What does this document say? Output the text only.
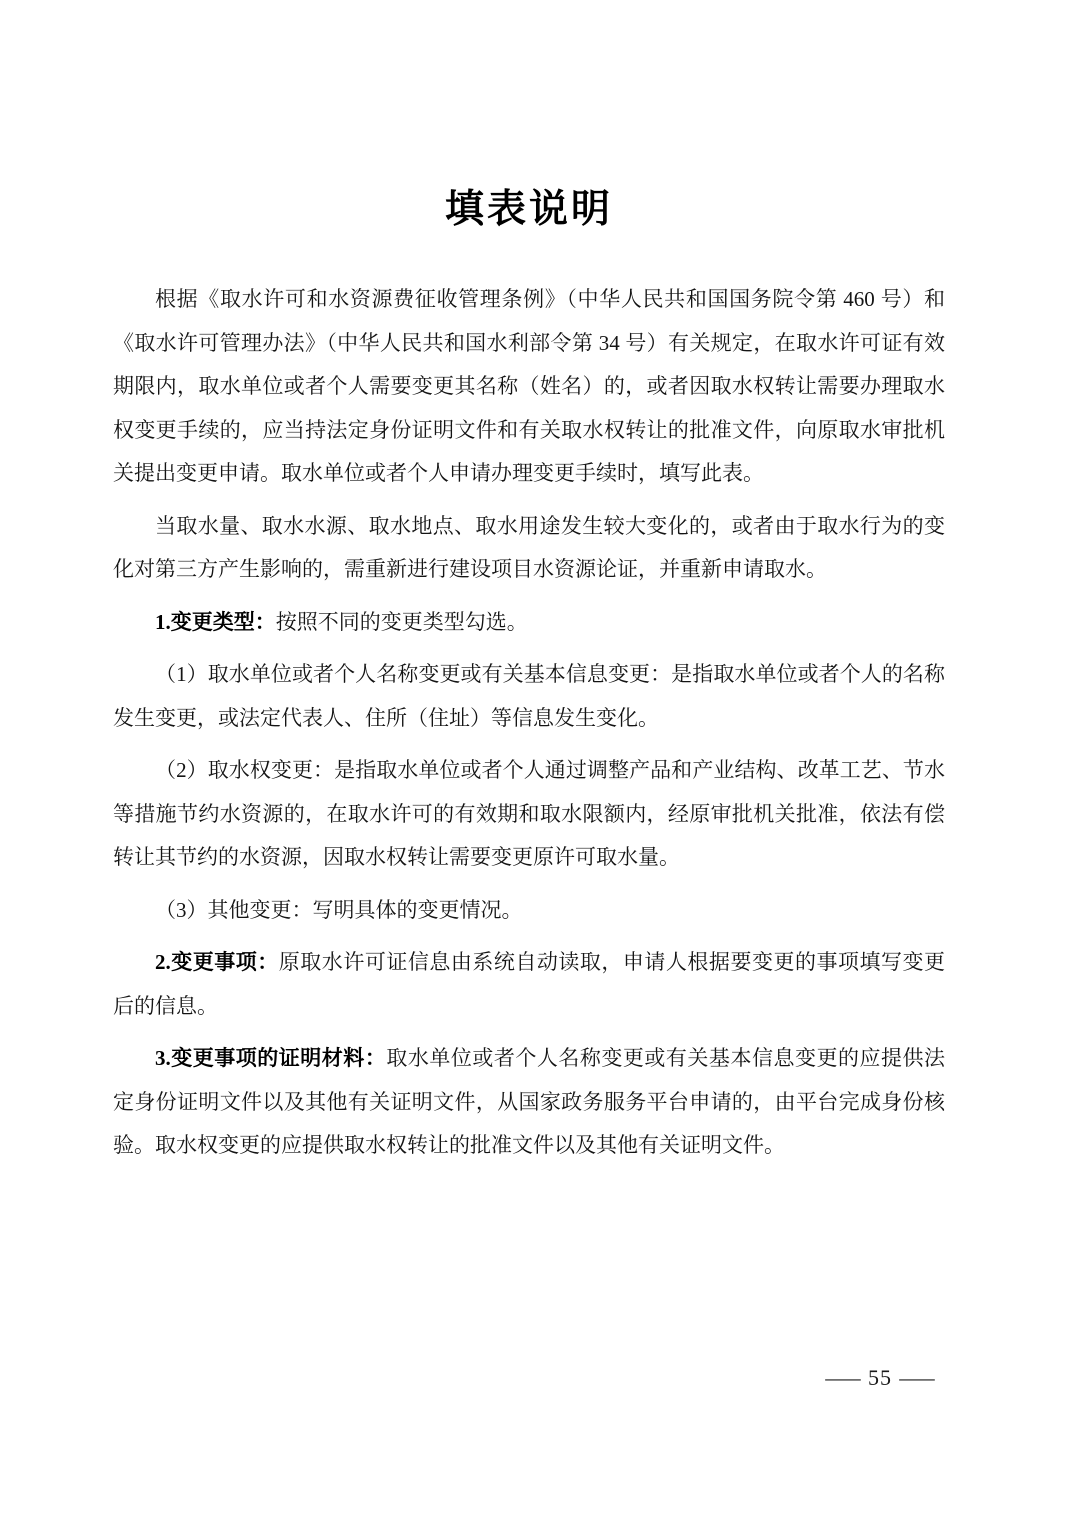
填表说明

根据《取水许可和水资源费征收管理条例》（中华人民共和国国务院令第 460 号）和《取水许可管理办法》（中华人民共和国水利部令第 34 号）有关规定，在取水许可证有效期限内，取水单位或者个人需要变更其名称（姓名）的，或者因取水权转让需要办理取水权变更手续的，应当持法定身份证明文件和有关取水权转让的批准文件，向原取水审批机关提出变更申请。取水单位或者个人申请办理变更手续时，填写此表。

当取水量、取水水源、取水地点、取水用途发生较大变化的，或者由于取水行为的变化对第三方产生影响的，需重新进行建设项目水资源论证，并重新申请取水。

1.变更类型：按照不同的变更类型勾选。

（1）取水单位或者个人名称变更或有关基本信息变更：是指取水单位或者个人的名称发生变更，或法定代表人、住所（住址）等信息发生变化。

（2）取水权变更：是指取水单位或者个人通过调整产品和产业结构、改革工艺、节水等措施节约水资源的，在取水许可的有效期和取水限额内，经原审批机关批准，依法有偿转让其节约的水资源，因取水权转让需要变更原许可取水量。

（3）其他变更：写明具体的变更情况。

2.变更事项：原取水许可证信息由系统自动读取，申请人根据要变更的事项填写变更后的信息。

3.变更事项的证明材料：取水单位或者个人名称变更或有关基本信息变更的应提供法定身份证明文件以及其他有关证明文件，从国家政务服务平台申请的，由平台完成身份核验。取水权变更的应提供取水权转让的批准文件以及其他有关证明文件。

— 55 —
